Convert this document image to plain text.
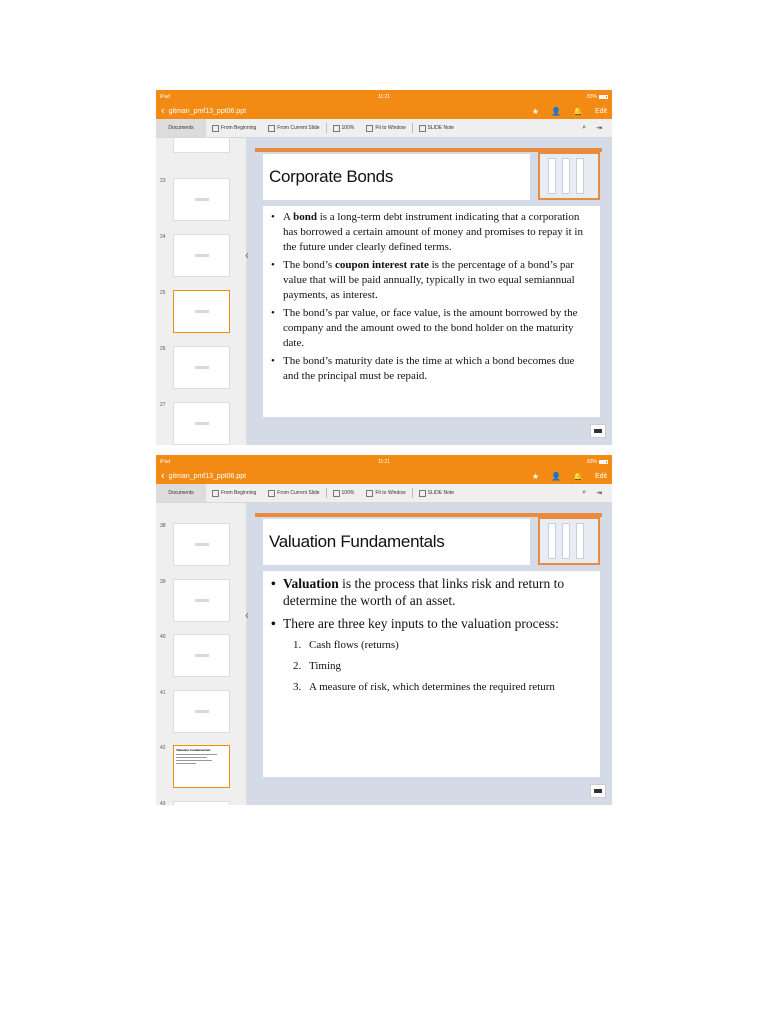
iPad	11:21	83%
‹ gitman_pmf13_ppt06.ppt	★ 👤 🔔 Edit
Documents	From Beginning	From Current Slide	100%	Fit to Window	SLIDE Note	⌕ ⇥
23
24
25
26
27
‹
Corporate Bonds
• A bond is a long-term debt instrument indicating that a corporation has borrowed a certain amount of money and promises to repay it in the future under clearly defined terms.
• The bond’s coupon interest rate is the percentage of a bond’s par value that will be paid annually, typically in two equal semiannual payments, as interest.
• The bond’s par value, or face value, is the amount borrowed by the company and the amount owed to the bond holder on the maturity date.
• The bond’s maturity date is the time at which a bond becomes due and the principal must be repaid.
iPad	11:21	83%
‹ gitman_pmf13_ppt06.ppt	★ 👤 🔔 Edit
Documents	From Beginning	From Current Slide	100%	Fit to Window	SLIDE Note	⌕ ⇥
38
39
40
41
42	Valuation Fundamentals
43
‹
Valuation Fundamentals
• Valuation is the process that links risk and return to determine the worth of an asset.
• There are three key inputs to the valuation process:
1. Cash flows (returns)
2. Timing
3. A measure of risk, which determines the required return
